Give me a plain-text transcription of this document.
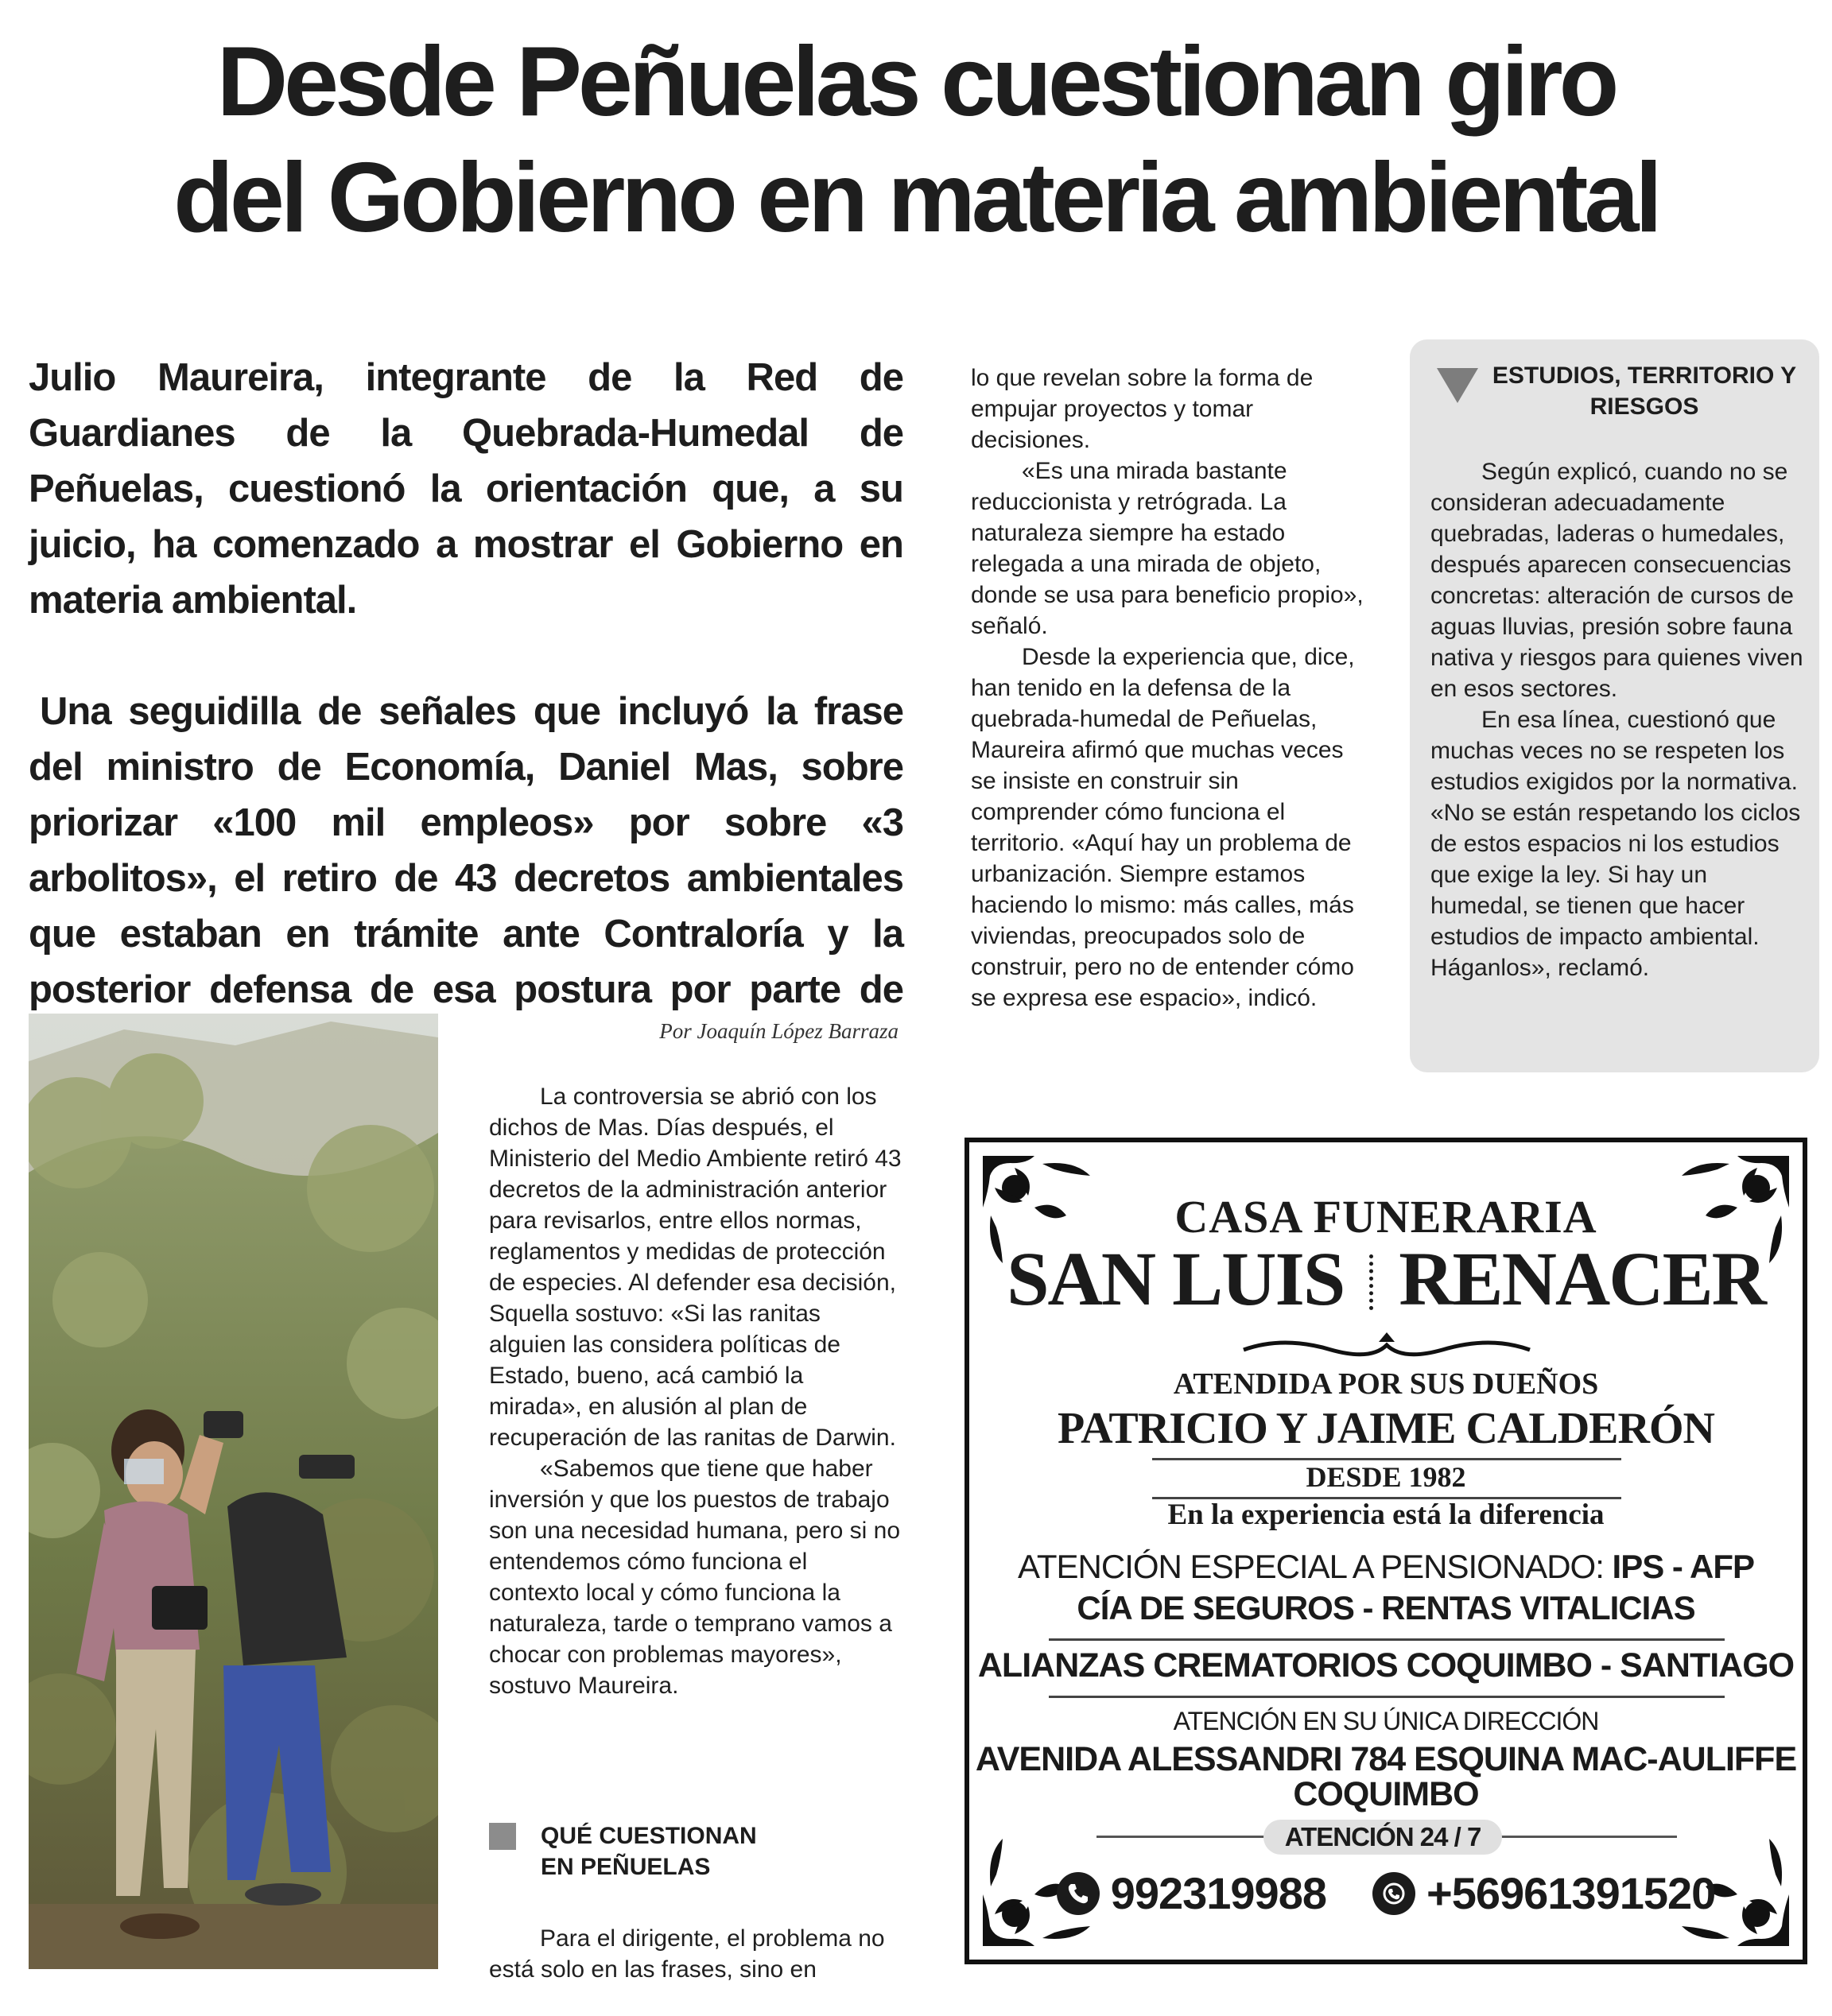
Desde Peñuelas cuestionan giro
del Gobierno en materia ambiental

Julio Maureira, integrante de la Red de Guardianes de la Quebrada-Humedal de Peñuelas, cuestionó la orientación que, a su juicio, ha comenzado a mostrar el Gobierno en materia ambiental.

Una seguidilla de señales que incluyó la frase del ministro de Economía, Daniel Mas, sobre priorizar «100 mil empleos» por sobre «3 arbolitos», el retiro de 43 decretos ambientales que estaban en trámite ante Contraloría y la posterior defensa de esa postura por parte de

Por Joaquín López Barraza

La controversia se abrió con los dichos de Mas. Días después, el Ministerio del Medio Ambiente retiró 43 decretos de la administración anterior para revisarlos, entre ellos normas, reglamentos y medidas de protección de especies. Al defender esa decisión, Squella sostuvo: «Si las ranitas alguien las considera políticas de Estado, bueno, acá cambió la mirada», en alusión al plan de recuperación de las ranitas de Darwin.

«Sabemos que tiene que haber inversión y que los puestos de trabajo son una necesidad humana, pero si no entendemos cómo funciona el contexto local y cómo funciona la naturaleza, tarde o temprano vamos a chocar con problemas mayores», sostuvo Maureira.

QUÉ CUESTIONAN
EN PEÑUELAS

Para el dirigente, el problema no está solo en las frases, sino en

lo que revelan sobre la forma de empujar proyectos y tomar decisiones.

«Es una mirada bastante reduccionista y retrógrada. La naturaleza siempre ha estado relegada a una mirada de objeto, donde se usa para beneficio propio», señaló.

Desde la experiencia que, dice, han tenido en la defensa de la quebrada-humedal de Peñuelas, Maureira afirmó que muchas veces se insiste en construir sin comprender cómo funciona el territorio. «Aquí hay un problema de urbanización. Siempre estamos haciendo lo mismo: más calles, más viviendas, preocupados solo de construir, pero no de entender cómo se expresa ese espacio», indicó.

ESTUDIOS, TERRITORIO Y RIESGOS

Según explicó, cuando no se consideran adecuadamente quebradas, laderas o humedales, después aparecen consecuencias concretas: alteración de cursos de aguas lluvias, presión sobre fauna nativa y riesgos para quienes viven en esos sectores.

En esa línea, cuestionó que muchas veces no se respeten los estudios exigidos por la normativa. «No se están respetando los ciclos de estos espacios ni los estudios que exige la ley. Si hay un humedal, se tienen que hacer estudios de impacto ambiental. Háganlos», reclamó.

CASA FUNERARIA
SAN LUIS RENACER
ATENDIDA POR SUS DUEÑOS
PATRICIO Y JAIME CALDERÓN
DESDE 1982
En la experiencia está la diferencia
ATENCIÓN ESPECIAL A PENSIONADO: IPS - AFP
CÍA DE SEGUROS - RENTAS VITALICIAS
ALIANZAS CREMATORIOS COQUIMBO - SANTIAGO
ATENCIÓN EN SU ÚNICA DIRECCIÓN
AVENIDA ALESSANDRI 784 ESQUINA MAC-AULIFFE
COQUIMBO
ATENCIÓN 24 / 7
992319988 +56961391520
